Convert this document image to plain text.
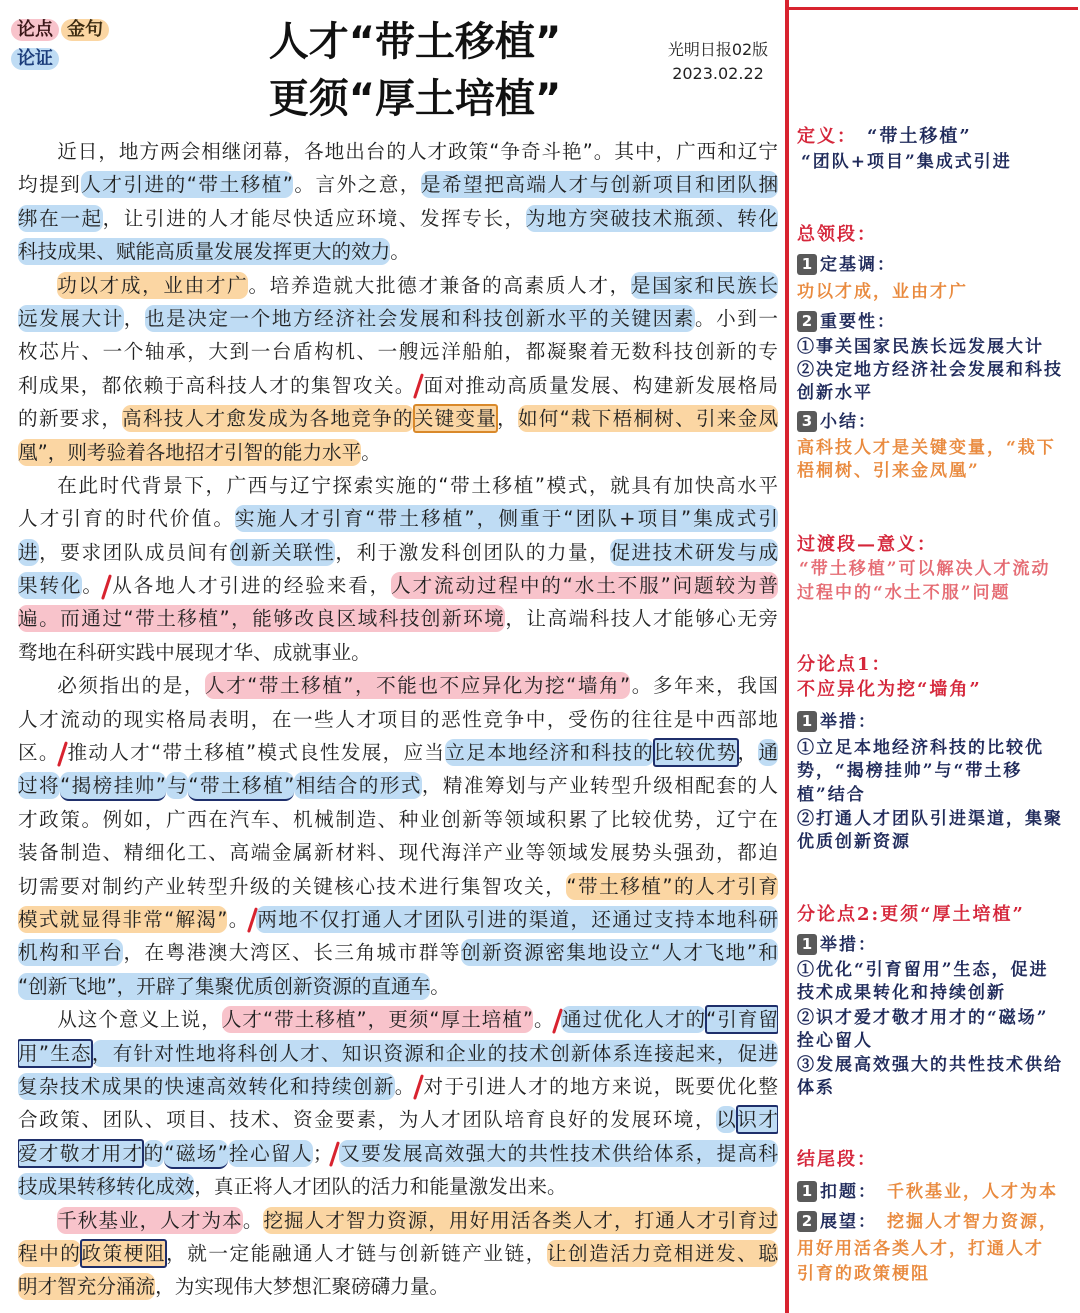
论点 金句
论证	人才“带土移植”
更须“厚土培植”
光明日报02版
2023.02.22
近日，地方两会相继闭幕，各地出台的人才政策“争奇斗艳”。其中，广西和辽宁
均提到人才引进的“带土移植”。言外之意，是希望把高端人才与创新项目和团队捆
绑在一起，让引进的人才能尽快适应环境、发挥专长，为地方突破技术瓶颈、转化
科技成果、赋能高质量发展发挥更大的效力。
功以才成，业由才广。培养造就大批德才兼备的高素质人才，是国家和民族长
远发展大计，也是决定一个地方经济社会发展和科技创新水平的关键因素。小到一
枚芯片、一个轴承，大到一台盾构机、一艘远洋船舶，都凝聚着无数科技创新的专
利成果，都依赖于高科技人才的集智攻关。 面对推动高质量发展、构建新发展格局
的新要求，高科技人才愈发成为各地竞争的关键变量，如何“栽下梧桐树、引来金凤
凰”，则考验着各地招才引智的能力水平。
在此时代背景下，广西与辽宁探索实施的“带土移植”模式，就具有加快高水平
人才引育的时代价值。实施人才引育“带土移植”，侧重于“团队+项目”集成式引
进，要求团队成员间有创新关联性，利于激发科创团队的力量，促进技术研发与成
果转化。 从各地人才引进的经验来看，人才流动过程中的“水土不服”问题较为普
遍。而通过“带土移植”，能够改良区域科技创新环境，让高端科技人才能够心无旁
骛地在科研实践中展现才华、成就事业。
必须指出的是，人才“带土移植”，不能也不应异化为挖“墙角”。多年来，我国
人才流动的现实格局表明，在一些人才项目的恶性竞争中，受伤的往往是中西部地
区。 推动人才“带土移植”模式良性发展，应当立足本地经济和科技的比较优势，通
过将“揭榜挂帅”与“带土移植”相结合的形式，精准筹划与产业转型升级相配套的人
才政策。例如，广西在汽车、机械制造、种业创新等领域积累了比较优势，辽宁在
装备制造、精细化工、高端金属新材料、现代海洋产业等领域发展势头强劲，都迫
切需要对制约产业转型升级的关键核心技术进行集智攻关，“带土移植”的人才引育
模式就显得非常“解渴”。 两地不仅打通人才团队引进的渠道，还通过支持本地科研
机构和平台，在粤港澳大湾区、长三角城市群等创新资源密集地设立“人才飞地”和
“创新飞地”，开辟了集聚优质创新资源的直通车。
从这个意义上说，人才“带土移植”，更须“厚土培植”。 通过优化人才的“引育留
用”生态，有针对性地将科创人才、知识资源和企业的技术创新体系连接起来，促进
复杂技术成果的快速高效转化和持续创新。 对于引进人才的地方来说，既要优化整
合政策、团队、项目、技术、资金要素，为人才团队培育良好的发展环境，以识才
爱才敬才用才的“磁场”拴心留人； 又要发展高效强大的共性技术供给体系，提高科
技成果转移转化成效，真正将人才团队的活力和能量激发出来。
千秋基业，人才为本。挖掘人才智力资源，用好用活各类人才，打通人才引育过
程中的政策梗阻，就一定能融通人才链与创新链产业链，让创造活力竞相迸发、聪
明才智充分涌流，为实现伟大梦想汇聚磅礴力量。
定义： “带土移植”
“团队+项目”集成式引进
总领段：
1 定基调：
功以才成，业由才广
2 重要性：
①事关国家民族长远发展大计
②决定地方经济社会发展和科技
创新水平
3 小结：
高科技人才是关键变量，“栽下
梧桐树、引来金凤凰”
过渡段—意义：
“带土移植”可以解决人才流动
过程中的“水土不服”问题
分论点1：
不应异化为挖“墙角”
1 举措：
①立足本地经济科技的比较优
势，“揭榜挂帅”与“带土移
植”结合
②打通人才团队引进渠道，集聚
优质创新资源
分论点2:更须“厚土培植”
1 举措：
①优化“引育留用”生态，促进
技术成果转化和持续创新
②识才爱才敬才用才的“磁场”
拴心留人
③发展高效强大的共性技术供给
体系
结尾段：
1 扣题： 千秋基业，人才为本
2 展望： 挖掘人才智力资源，
用好用活各类人才，打通人才
引育的政策梗阻
